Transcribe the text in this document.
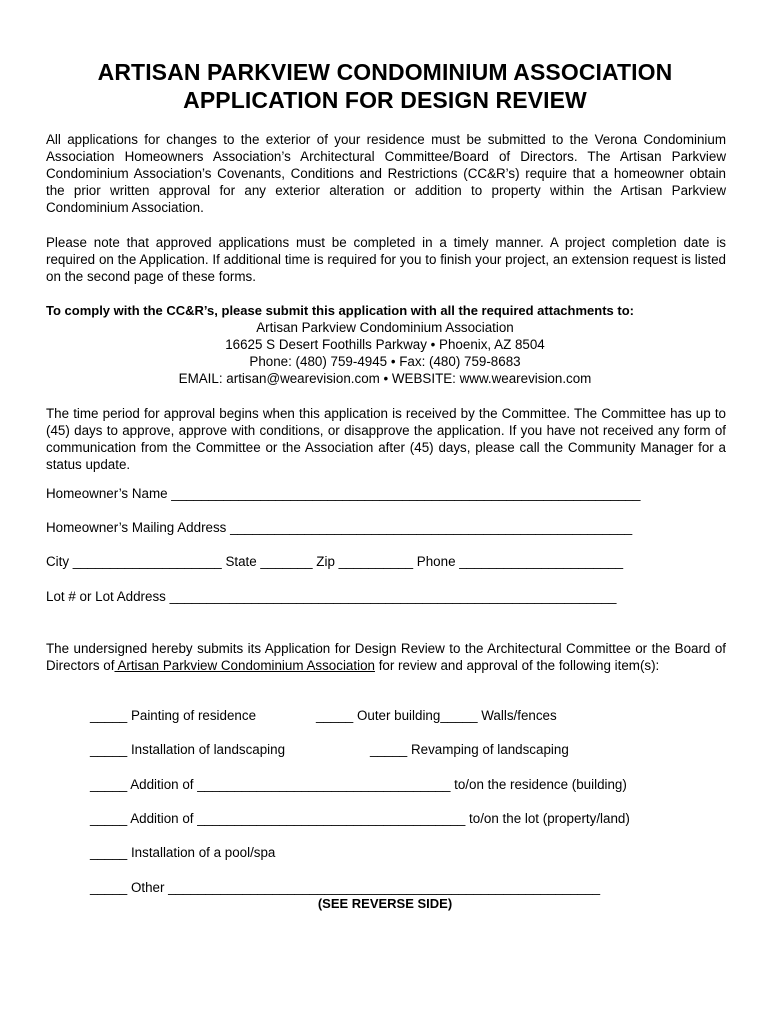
ARTISAN PARKVIEW CONDOMINIUM ASSOCIATION
APPLICATION FOR DESIGN REVIEW
All applications for changes to the exterior of your residence must be submitted to the Verona Condominium Association Homeowners Association’s Architectural Committee/Board of Directors. The Artisan Parkview Condominium Association’s Covenants, Conditions and Restrictions (CC&R’s) require that a homeowner obtain the prior written approval for any exterior alteration or addition to property within the Artisan Parkview Condominium Association.
Please note that approved applications must be completed in a timely manner. A project completion date is required on the Application. If additional time is required for you to finish your project, an extension request is listed on the second page of these forms.
To comply with the CC&R’s, please submit this application with all the required attachments to:
Artisan Parkview Condominium Association
16625 S Desert Foothills Parkway • Phoenix, AZ 8504
Phone: (480) 759-4945 • Fax: (480) 759-8683
EMAIL: artisan@wearevision.com • WEBSITE: www.wearevision.com
The time period for approval begins when this application is received by the Committee. The Committee has up to (45) days to approve, approve with conditions, or disapprove the application. If you have not received any form of communication from the Committee or the Association after (45) days, please call the Community Manager for a status update.
Homeowner’s Name _______________________________________________________________
Homeowner’s Mailing Address ______________________________________________________
City ____________________ State _______ Zip __________ Phone ______________________
Lot # or Lot Address ____________________________________________________________
The undersigned hereby submits its Application for Design Review to the Architectural Committee or the Board of Directors of Artisan Parkview Condominium Association for review and approval of the following item(s):
_____ Painting of residence	_____ Outer building_____ Walls/fences
_____ Installation of landscaping	_____ Revamping of landscaping
_____ Addition of __________________________________ to/on the residence (building)
_____ Addition of ____________________________________ to/on the lot (property/land)
_____ Installation of a pool/spa
_____ Other __________________________________________________________
(SEE REVERSE SIDE)
